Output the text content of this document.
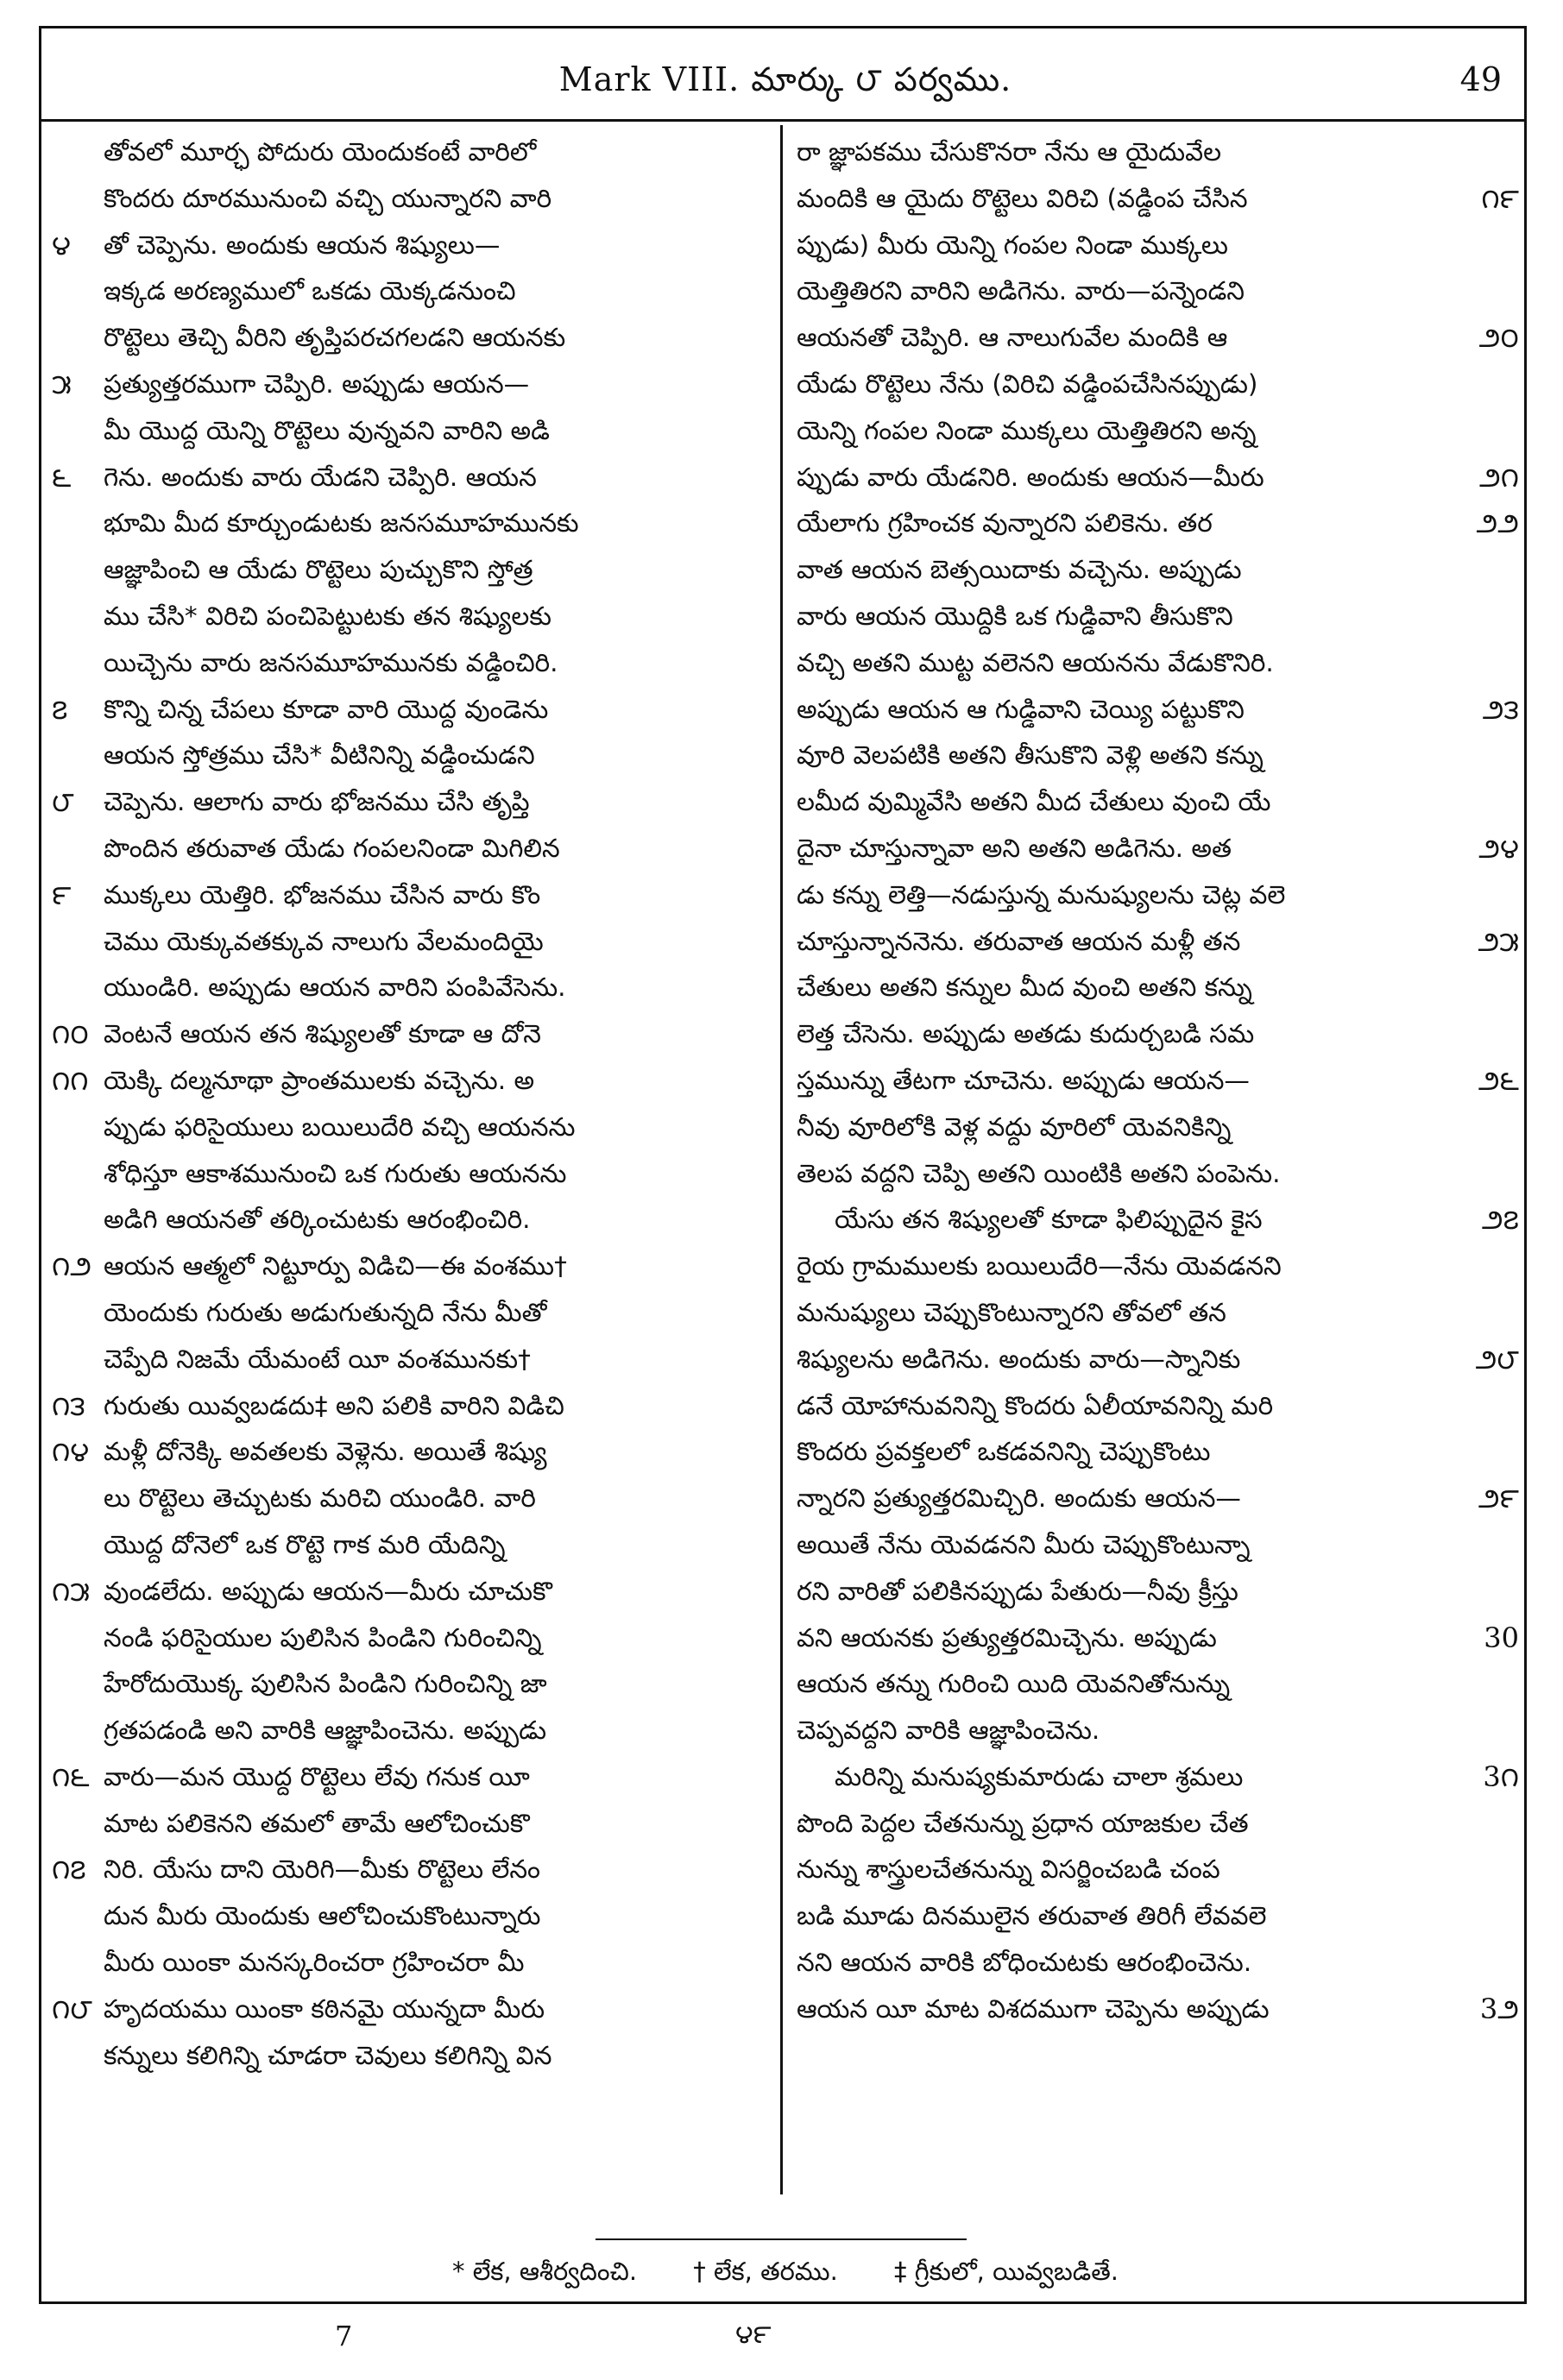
Mark VIII. మార్కు ౮ పర్వము.	49
తోవలో మూర్ఛ పోదురు యెందుకంటే వారిలో
కొందరు దూరమునుంచి వచ్చి యున్నారని వారి
౪	తో చెప్పెను. అందుకు ఆయన శిష్యులు—
ఇక్కడ అరణ్యములో ఒకడు యెక్కడనుంచి
రొట్టెలు తెచ్చి వీరిని తృప్తిపరచగలడని ఆయనకు
౫	ప్రత్యుత్తరముగా చెప్పిరి. అప్పుడు ఆయన—
మీ యొద్ద యెన్ని రొట్టెలు వున్నవని వారిని అడి
౬	గెను. అందుకు వారు యేడని చెప్పిరి. ఆయన
భూమి మీద కూర్చుండుటకు జనసమూహమునకు
ఆజ్ఞాపించి ఆ యేడు రొట్టెలు పుచ్చుకొని స్తోత్ర
ము చేసి* విరిచి పంచిపెట్టుటకు తన శిష్యులకు
యిచ్చెను వారు జనసమూహమునకు వడ్డించిరి.
౭	కొన్ని చిన్న చేపలు కూడా వారి యొద్ద వుండెను
ఆయన స్తోత్రము చేసి* వీటినిన్ని వడ్డించుడని
౮	చెప్పెను. ఆలాగు వారు భోజనము చేసి తృప్తి
పొందిన తరువాత యేడు గంపలనిండా మిగిలిన
౯	ముక్కలు యెత్తిరి. భోజనము చేసిన వారు కొం
చెము యెక్కువతక్కువ నాలుగు వేలమందియై
యుండిరి. అప్పుడు ఆయన వారిని పంపివేసెను.
౧౦ వెంటనే ఆయన తన శిష్యులతో కూడా ఆ దోనె
౧౧ యెక్కి దల్మనూథా ప్రాంతములకు వచ్చెను. అ
ప్పుడు ఫరిసైయులు బయిలుదేరి వచ్చి ఆయనను
శోధిస్తూ ఆకాశమునుంచి ఒక గురుతు ఆయనను
అడిగి ఆయనతో తర్కించుటకు ఆరంభించిరి.
౧౨ ఆయన ఆత్మలో నిట్టూర్పు విడిచి—ఈ వంశము†
యెందుకు గురుతు అడుగుతున్నది నేను మీతో
చెప్పేది నిజమే యేమంటే యీ వంశమునకు†
౧౩ గురుతు యివ్వబడదు‡ అని పలికి వారిని విడిచి
౧౪ మళ్లీ దోనెక్కి అవతలకు వెళ్లెను. అయితే శిష్యు
లు రొట్టెలు తెచ్చుటకు మరిచి యుండిరి. వారి
యొద్ద దోనెలో ఒక రొట్టె గాక మరి యేదిన్ని
౧౫ వుండలేదు. అప్పుడు ఆయన—మీరు చూచుకొ
నండి ఫరిసైయుల పులిసిన పిండిని గురించిన్ని
హేరోదుయొక్క పులిసిన పిండిని గురించిన్ని జా
గ్రతపడండి అని వారికి ఆజ్ఞాపించెను. అప్పుడు
౧౬ వారు—మన యొద్ద రొట్టెలు లేవు గనుక యీ
మాట పలికెనని తమలో తామే ఆలోచించుకొ
౧౭ నిరి. యేసు దాని యెరిగి—మీకు రొట్టెలు లేనం
దున మీరు యెందుకు ఆలోచించుకొంటున్నారు
మీరు యింకా మనస్కరించరా గ్రహించరా మీ
౧౮ హృదయము యింకా కఠినమై యున్నదా మీరు
కన్నులు కలిగిన్ని చూడరా చెవులు కలిగిన్ని విన
రా జ్ఞాపకము చేసుకొనరా నేను ఆ యైదువేల
౧౯
మందికి ఆ యైదు రొట్టెలు విరిచి (వడ్డింప చేసిన
ప్పుడు) మీరు యెన్ని గంపల నిండా ముక్కలు
యెత్తితిరని వారిని అడిగెను. వారు—పన్నెండని
౨౦
ఆయనతో చెప్పిరి. ఆ నాలుగువేల మందికి ఆ
యేడు రొట్టెలు నేను (విరిచి వడ్డింపచేసినప్పుడు)
యెన్ని గంపల నిండా ముక్కలు యెత్తితిరని అన్న
౨౧
ప్పుడు వారు యేడనిరి. అందుకు ఆయన—మీరు
౨౨
యేలాగు గ్రహించక వున్నారని పలికెను. తర
వాత ఆయన బెత్సయిదాకు వచ్చెను. అప్పుడు
వారు ఆయన యొద్దికి ఒక గుడ్డివాని తీసుకొని
వచ్చి అతని ముట్ట వలెనని ఆయనను వేడుకొనిరి.
౨౩
అప్పుడు ఆయన ఆ గుడ్డివాని చెయ్యి పట్టుకొని
వూరి వెలపటికి అతని తీసుకొని వెళ్లి అతని కన్ను
లమీద వుమ్మివేసి అతని మీద చేతులు వుంచి యే
౨౪
దైనా చూస్తున్నావా అని అతని అడిగెను. అత
డు కన్ను లెత్తి—నడుస్తున్న మనుష్యులను చెట్ల వలె
౨౫
చూస్తున్నాననెను. తరువాత ఆయన మళ్లీ తన
చేతులు అతని కన్నుల మీద వుంచి అతని కన్ను
లెత్త చేసెను. అప్పుడు అతడు కుదుర్చబడి సమ
౨౬
స్తమున్ను తేటగా చూచెను. అప్పుడు ఆయన—
నీవు వూరిలోకి వెళ్ల వద్దు వూరిలో యెవనికిన్ని
తెలప వద్దని చెప్పి అతని యింటికి అతని పంపెను.
౨౭
యేసు తన శిష్యులతో కూడా ఫిలిప్పుదైన కైస
రైయ గ్రామములకు బయిలుదేరి—నేను యెవడనని
మనుష్యులు చెప్పుకొంటున్నారని తోవలో తన
౨౮
శిష్యులను అడిగెను. అందుకు వారు—స్నానికు
డనే యోహానువనిన్ని కొందరు ఏలీయావనిన్ని మరి
కొందరు ప్రవక్తలలో ఒకడవనిన్ని చెప్పుకొంటు
౨౯
న్నారని ప్రత్యుత్తరమిచ్చిరి. అందుకు ఆయన—
అయితే నేను యెవడనని మీరు చెప్పుకొంటున్నా
రని వారితో పలికినప్పుడు పేతురు—నీవు క్రీస్తు
30
వని ఆయనకు ప్రత్యుత్తరమిచ్చెను. అప్పుడు
ఆయన తన్ను గురించి యిది యెవనితోనున్ను
చెప్పవద్దని వారికి ఆజ్ఞాపించెను.
3౧
మరిన్ని మనుష్యకుమారుడు చాలా శ్రమలు
పొంది పెద్దల చేతనున్ను ప్రధాన యాజకుల చేత
నున్ను శాస్త్రులచేతనున్ను విసర్జించబడి చంప
బడి మూడు దినములైన తరువాత తిరిగీ లేవవలె
నని ఆయన వారికి బోధించుటకు ఆరంభించెను.
3౨
ఆయన యీ మాట విశదముగా చెప్పెను అప్పుడు
* లేక, ఆశీర్వదించి. † లేక, తరము. ‡ గ్రీకులో, యివ్వబడితే.
7	౪౯
